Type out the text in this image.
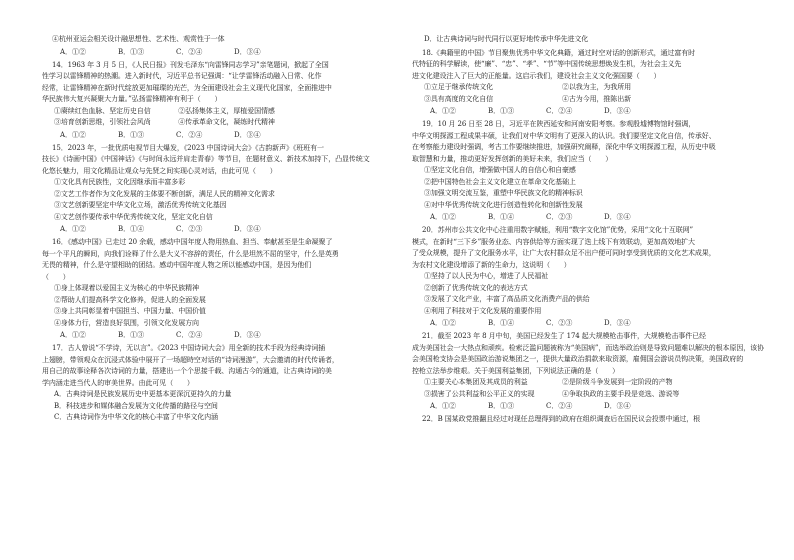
④杭州亚运会相关设计融思想性、艺术性、观赏性于一体
A．①②	B．①③	C．②④	D．③④
14．1963 年 3 月 5 日，《人民日报》刊发毛泽东“向雷锋同志学习”亲笔题词，掀起了全国
性学习以雷锋精神的热潮。进入新时代，习近平总书记强调：“让学雷锋活动融入日常、化作
经常，让雷锋精神在新时代绽放更加璀璨的光芒，为全面建设社会主义现代化国家，全面推进中
华民族伟大复兴凝聚大力量。”弘扬雷锋精神有利于（　　）
①赓续红色血脉、坚定历史自信　　　　②弘扬集体主义，厚植爱国情感
③培育创新思维，引领社会风尚　　　　④传承革命文化，凝练时代精神
A．①②	B．①③	C．②④	D．③④
15．2023 年，一批优质电视节目大爆发，《2023 中国诗词大会》《古韵新声》《班班有一
技长》《诗画中国》《中国神话》《与时间永远并肩走青春》等节目，在题材意义、新技术加持下，凸显传统文
化悠长魅力，用文化精品让观众与先贤之间实现心灵对话，由此可见（　　）
①文化具有民族性，文化因继承而丰富多彩
②文艺工作者作为文化发展的主体要不断创新，满足人民的精神文化需求
③文艺创新要坚定中华文化立场，激活优秀传统文化基因
④文艺创作要传承中华优秀传统文化，坚定文化自信
A．①②	B．①④	C．②③	D．③④
16．《感动中国》已走过 20 余载，感动中国年度人物用热血、担当、奉献甚至是生命凝聚了
每一个平凡的瞬间，向我们诠释了什么是大义不容辞的责任，什么是坦然不屈的坚守，什么是英勇
无畏的精神，什么是守望相助的团结。感动中国年度人物之所以能感动中国，是因为他们
（　　）
①身上体现着以爱国主义为核心的中华民族精神
②帮助人们提高科学文化修养，促进人的全面发展
③身上共同彰显着中国担当、中国力量、中国价值
④身体力行，营造良好氛围，引领文化发展方向
A．①②	B．①③	C．②④	D．③④
17．古人曾说“不学诗，无以言”。《2023 中国诗词大会》用全新的技术手段为经典诗词插
上翅膀，带领观众在沉浸式体验中展开了一场超時空对话的“诗词漫游”，大会邀请的时代传诵者，
用自己的故事诠释各次诗词的力量，搭建出一个个思接千载、沟通古今的通道，让古典诗词的美
学内涵走进当代人的审美世界。由此可见（　　）
A．古典诗词是民族发展历史中更基本更深沉更持久的力量
B．科技进步和媒体融合发展为文化传播的路径与空间
C．古典诗词作为中华文化的核心丰富了中华文化内涵
D．让古典诗词与时代同行以更好地传承中华先进文化
18.《典籍里的中国》节目聚焦优秀中华文化典籍，通过时空对话的创新形式，通过富有时
代特征的科学解读，使“廉”、“忠”、“孝”、“节”等中国传统思想焕发生机，为社会主义先
进文化建设注入了巨大的正能量。这启示我们，建设社会主义文化强国要（　　）
①立足于继承传统文化　　　　　　　　　　②以我为主，为我所用
③具有高度的文化自信　　　　　　　　　　④古为今用，推陈出新
A．①②	B．①③	C．②④	D．③④
19．10 月 26 日至 28 日，习近平在陕西延安和河南安阳考察。参观殷墟博物馆时强调，
中华文明探源工程成果丰硕，让我们对中华文明有了更深入的认识。我们要坚定文化自信，传承好、
在考察能力建设时强调，考古工作要继续推进，加强研究阐释，深化中华文明探源工程，从历史中吸
取智慧和力量，推动更好发挥创新的美好未来，我们应当（　　）
①坚定文化自信，增强做中国人的自信心和自豪感
②把中国特色社会主义文化建立在革命文化基础上
③加强文明交流互鉴，重塑中华民族文化的精神标识
④对中华优秀传统文化进行创造性转化和创新性发展
A．①②	B．①④	C．②③	D．③④
20．苏州市公共文化中心注重用数字赋能，利用“数字文化馆”优势，采用“文化十互联网”
模式，在新时“三下乡”服务业态、内容供给等方面实现了迭上线下有效联动，更加高效地扩大
了受众规模，提升了文化服务水平，让广大农村群众足不出户便可同时享受到优质的文化艺术成果，
为农村文化建设增添了新的生命力，这说明（　　）
①坚持了以人民为中心，增进了人民福祉
②创新了优秀传统文化的表达方式
③发展了文化产业，丰富了高品质文化消费产品的供给
④利用了科技对于文化发展的重要作用
A．①②	B．①④	C．②③	D．③④
21．截至 2023 年 8 月中旬，美国已经发生了 174 起大规模枪击事件，大规模枪击事件已经
成为美国社会一大热点和顽疾。检索泛滥问题被称为“美国病”，而选举政治则是导致问题难以解决的根本原因，该协
会美国枪支协会是美国政治游说集团之一，提供大量政治捐款来取资源，雇佣国会游说员钩决策，美国政府的
控枪立法举步维艰。关于美国利益集团，下列说法正确的是（　　）
①主要关心本集团及其成员的利益　　　　　②是阶级斗争发展到一定阶段的产物
③损害了公共利益和公平正义的实现　　　　④争取执政的主要手段是竞选、游说等
A．①②	B．①③	C．②④	D．③④
22．B 国某政党推翻且经过对现任总理得到的政府在组织调查后在国民议会投票中通过，根
